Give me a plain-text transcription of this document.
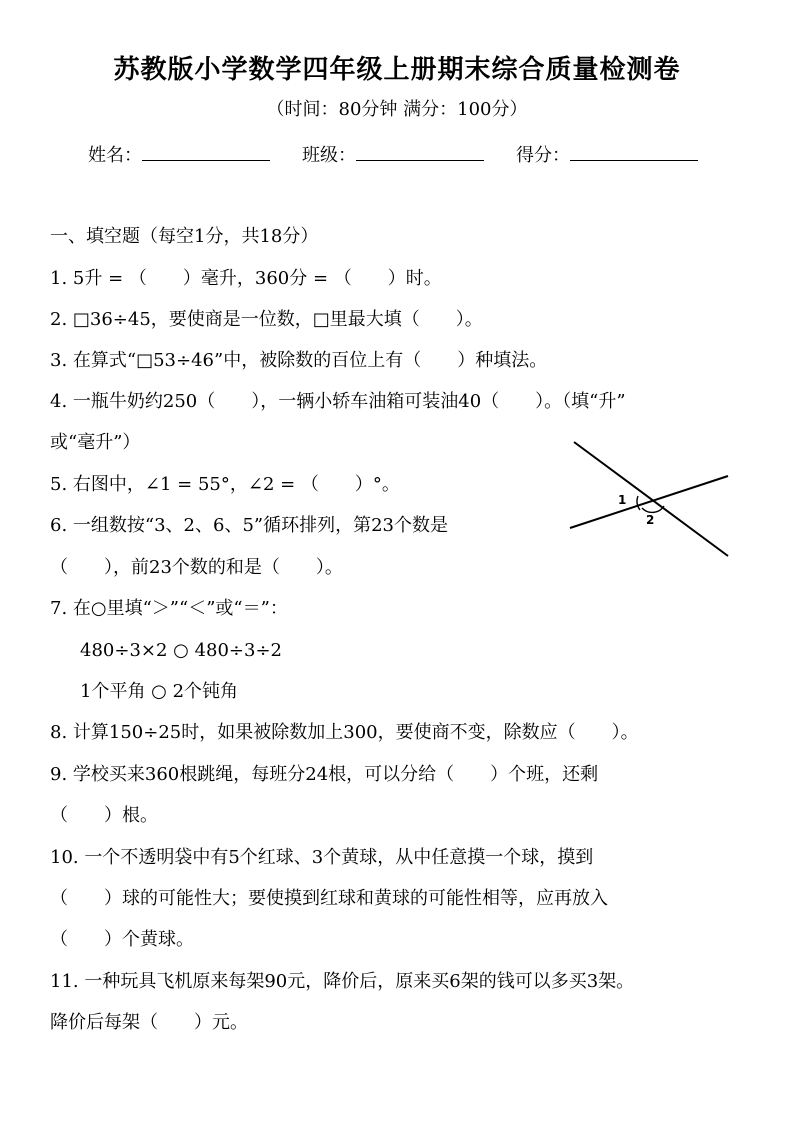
苏教版小学数学四年级上册期末综合质量检测卷
（时间：80分钟 满分：100分）
姓名：	班级：	得分：
一、填空题（每空1分，共18分）
1. 5升 = （　　）毫升，360分 = （　　）时。
2. □36÷45，要使商是一位数，□里最大填（　　）。
3. 在算式“□53÷46”中，被除数的百位上有（　　）种填法。
4. 一瓶牛奶约250（　　），一辆小轿车油箱可装油40（　　）。（填“升”
或“毫升”）
5. 右图中，∠1 = 55°，∠2 = （　　）°。
6. 一组数按“3、2、6、5”循环排列，第23个数是
（　　），前23个数的和是（　　）。
7. 在○里填“＞”“＜”或“＝”：
480÷3×2 ○ 480÷3÷2
1个平角 ○ 2个钝角
8. 计算150÷25时，如果被除数加上300，要使商不变，除数应（　　）。
9. 学校买来360根跳绳，每班分24根，可以分给（　　）个班，还剩
（　　）根。
10. 一个不透明袋中有5个红球、3个黄球，从中任意摸一个球，摸到
（　　）球的可能性大；要使摸到红球和黄球的可能性相等，应再放入
（　　）个黄球。
11. 一种玩具飞机原来每架90元，降价后，原来买6架的钱可以多买3架。
降价后每架（　　）元。
1
2
